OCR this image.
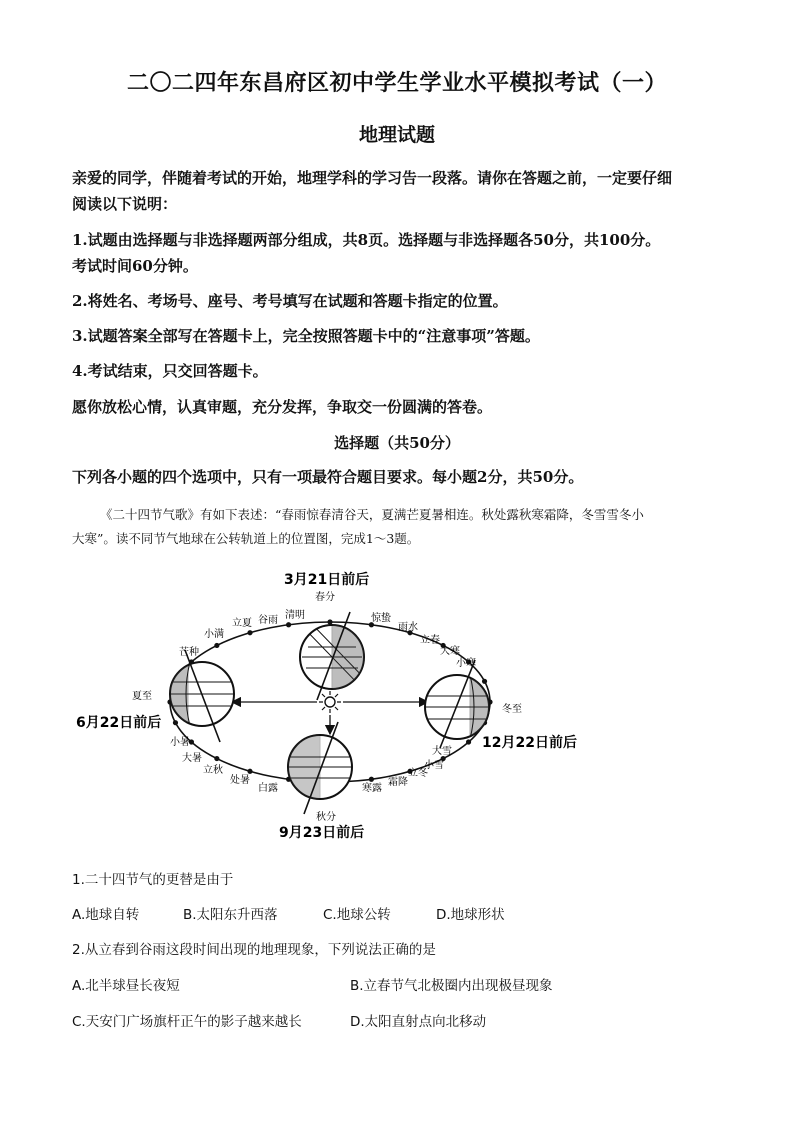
二〇二四年东昌府区初中学生学业水平模拟考试（一）
地理试题
亲爱的同学，伴随着考试的开始，地理学科的学习告一段落。请你在答题之前，一定要仔细
阅读以下说明：
1.试题由选择题与非选择题两部分组成，共8页。选择题与非选择题各50分，共100分。
考试时间60分钟。
2.将姓名、考场号、座号、考号填写在试题和答题卡指定的位置。
3.试题答案全部写在答题卡上，完全按照答题卡中的“注意事项”答题。
4.考试结束，只交回答题卡。
愿你放松心情，认真审题，充分发挥，争取交一份圆满的答卷。
选择题（共50分）
下列各小题的四个选项中，只有一项最符合题目要求。每小题2分，共50分。
《二十四节气歌》有如下表述：“春雨惊春清谷天，夏满芒夏暑相连。秋处露秋寒霜降，冬雪雪冬小
大寒”。读不同节气地球在公转轨道上的位置图，完成1～3题。
3月21日前后
6月22日前后
9月23日前后
12月22日前后
春分
清明
谷雨
立夏
小满
芒种
夏至
小暑
大暑
立秋
处暑
白露
秋分
寒露
霜降
立冬
小雪
大雪
冬至
小寒
大寒
立春
雨水
惊蛰
1.二十四节气的更替是由于
A.地球自转	B.太阳东升西落	C.地球公转	D.地球形状
2.从立春到谷雨这段时间出现的地理现象，下列说法正确的是
A.北半球昼长夜短	B.立春节气北极圈内出现极昼现象
C.天安门广场旗杆正午的影子越来越长	D.太阳直射点向北移动
